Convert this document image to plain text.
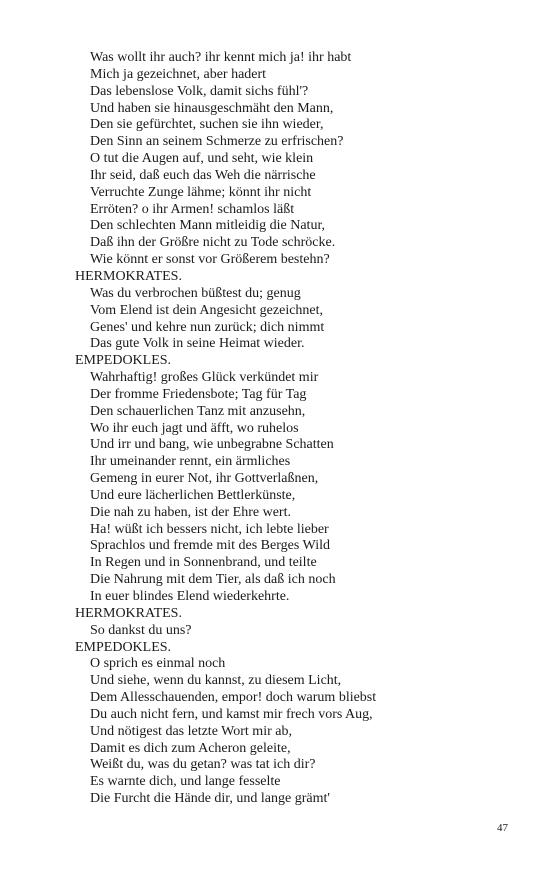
Was wollt ihr auch? ihr kennt mich ja! ihr habt
Mich ja gezeichnet, aber hadert
Das lebenslose Volk, damit sichs fühl'?
Und haben sie hinausgeschmäht den Mann,
Den sie gefürchtet, suchen sie ihn wieder,
Den Sinn an seinem Schmerze zu erfrischen?
O tut die Augen auf, und seht, wie klein
Ihr seid, daß euch das Weh die närrische
Verruchte Zunge lähme; könnt ihr nicht
Erröten? o ihr Armen! schamlos läßt
Den schlechten Mann mitleidig die Natur,
Daß ihn der Größre nicht zu Tode schröcke.
Wie könnt er sonst vor Größerem bestehn?
HERMOKRATES.
Was du verbrochen büßtest du; genug
Vom Elend ist dein Angesicht gezeichnet,
Genes' und kehre nun zurück; dich nimmt
Das gute Volk in seine Heimat wieder.
EMPEDOKLES.
Wahrhaftig! großes Glück verkündet mir
Der fromme Friedensbote; Tag für Tag
Den schauerlichen Tanz mit anzusehn,
Wo ihr euch jagt und äfft, wo ruhelos
Und irr und bang, wie unbegrabne Schatten
Ihr umeinander rennt, ein ärmliches
Gemeng in eurer Not, ihr Gottverlaßnen,
Und eure lächerlichen Bettlerkünste,
Die nah zu haben, ist der Ehre wert.
Ha! wüßt ich bessers nicht, ich lebte lieber
Sprachlos und fremde mit des Berges Wild
In Regen und in Sonnenbrand, und teilte
Die Nahrung mit dem Tier, als daß ich noch
In euer blindes Elend wiederkehrte.
HERMOKRATES.
So dankst du uns?
EMPEDOKLES.
O sprich es einmal noch
Und siehe, wenn du kannst, zu diesem Licht,
Dem Allesschauenden, empor! doch warum bliebst
Du auch nicht fern, und kamst mir frech vors Aug,
Und nötigest das letzte Wort mir ab,
Damit es dich zum Acheron geleite,
Weißt du, was du getan? was tat ich dir?
Es warnte dich, und lange fesselte
Die Furcht die Hände dir, und lange grämt'
47
